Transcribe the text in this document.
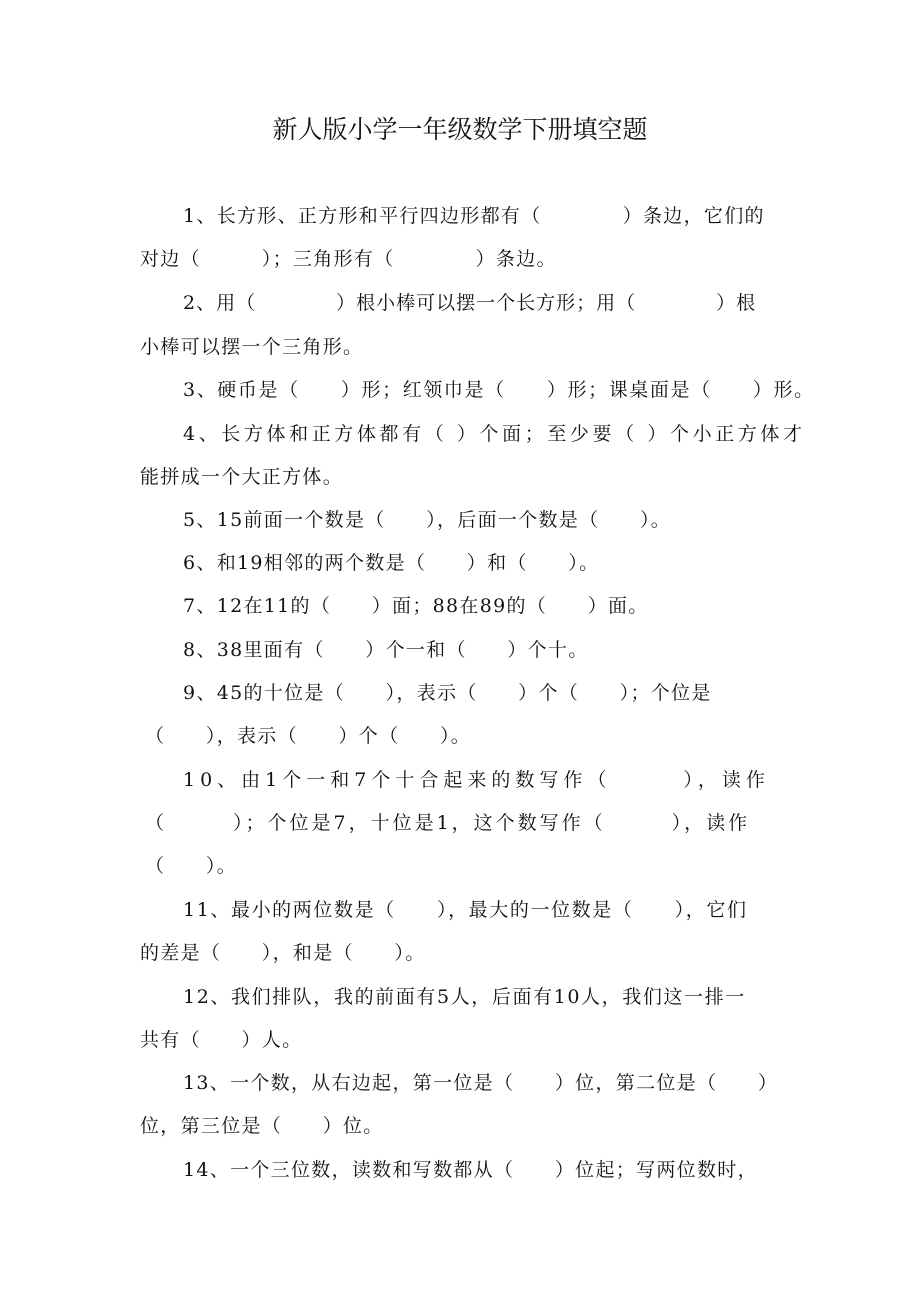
新人版小学一年级数学下册填空题
1、长方形、正方形和平行四边形都有（　　　　）条边，它们的
对边（　　　）；三角形有（　　　　）条边。
2、用（　　　　）根小棒可以摆一个长方形；用（　　　　）根
小棒可以摆一个三角形。
3、硬币是（　　）形；红领巾是（　　）形；课桌面是（　　）形。
4、长方体和正方体都有（ ）个面；至少要（ ）个小正方体才
能拼成一个大正方体。
5、15前面一个数是（　　），后面一个数是（　　）。
6、和19相邻的两个数是（　　）和（　　）。
7、12在11的（　　）面；88在89的（　　）面。
8、38里面有（　　）个一和（　　）个十。
9、45的十位是（　　），表示（　　）个（　　）；个位是
（　　），表示（　　）个（　　）。
10、由1个一和7个十合起来的数写作（　　　），读作
（　　　）；个位是7，十位是1，这个数写作（　　　），读作
（　　）。
11、最小的两位数是（　　），最大的一位数是（　　），它们
的差是（　　），和是（　　）。
12、我们排队，我的前面有5人，后面有10人，我们这一排一
共有（　　）人。
13、一个数，从右边起，第一位是（　　）位，第二位是（　　）
位，第三位是（　　）位。
14、一个三位数，读数和写数都从（　　）位起；写两位数时，
